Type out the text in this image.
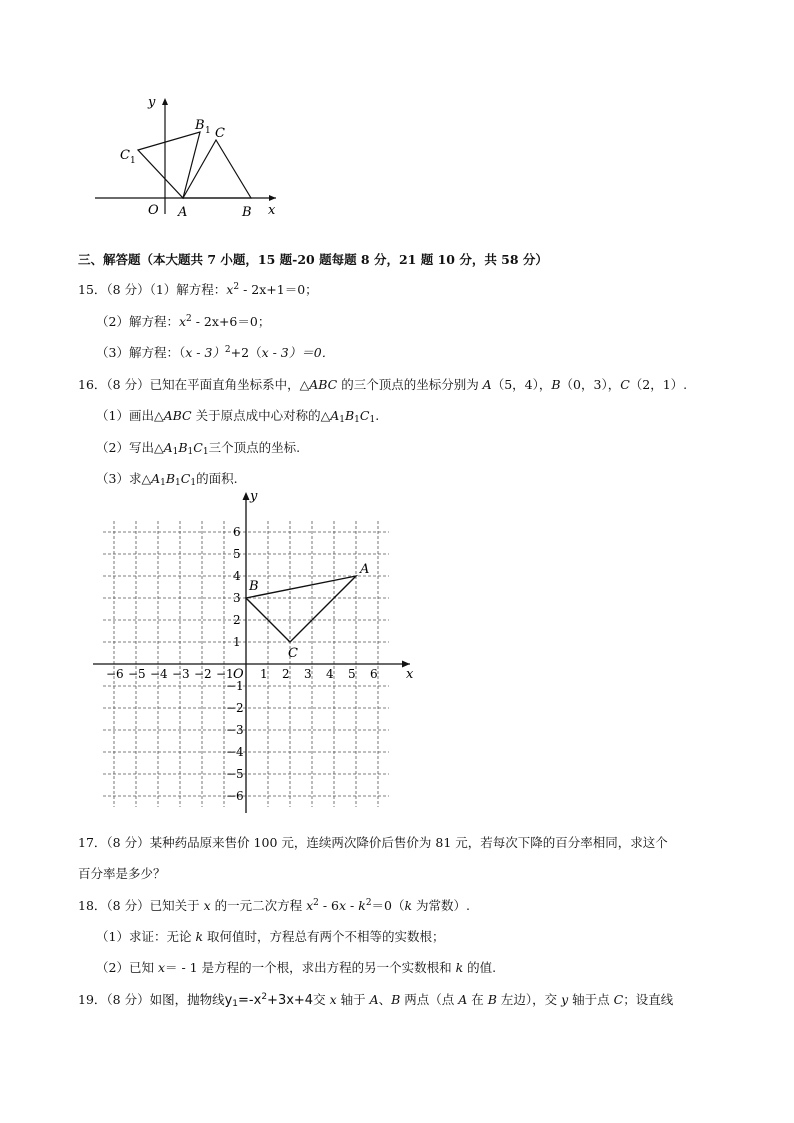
y
x
O A	B
C
B 1
C 1
三、解答题（本大题共 7 小题，15 题-20 题每题 8 分，21 题 10 分，共 58 分）
15．（8 分）（1）解方程：$x^2 - 2x+1=0$；
（2）解方程：$x^2 - 2x+6=0$；
（3）解方程：（x - 3）$^2$+2（x - 3）＝0．
16．（8 分）已知在平面直角坐标系中，△ABC 的三个顶点的坐标分别为 A（5，4），B（0，3），C（2，1）.
（1）画出△ABC 关于原点成中心对称的$\triangle A_1B_1C_1$.
（2）写出$\triangle A_1B_1C_1$三个顶点的坐标.
（3）求$\triangle A_1B_1C_1$的面积.
−6 −5 −4 −3 −2 −1 1 2 3 4 5 6
6
5
4
3
2
1
−1
−2
−3
−4
−5
−6
A
B
C
y
x
O
17．（8 分）某种药品原来售价 100 元，连续两次降价后售价为 81 元，若每次下降的百分率相同，求这个
百分率是多少？
18．（8 分）已知关于 x 的一元二次方程 $x^2 - 6x - k^2=0(k$ 为常数）.
（1）求证：无论 k 取何值时，方程总有两个不相等的实数根；
（2）已知 x＝ - 1 是方程的一个根，求出方程的另一个实数根和 k 的值.
19．（8 分）如图，抛物线$y_1=-x^2+3x+4$交 x 轴于 A、B 两点（点 A 在 B 左边），交 y 轴于点 C；设直线
